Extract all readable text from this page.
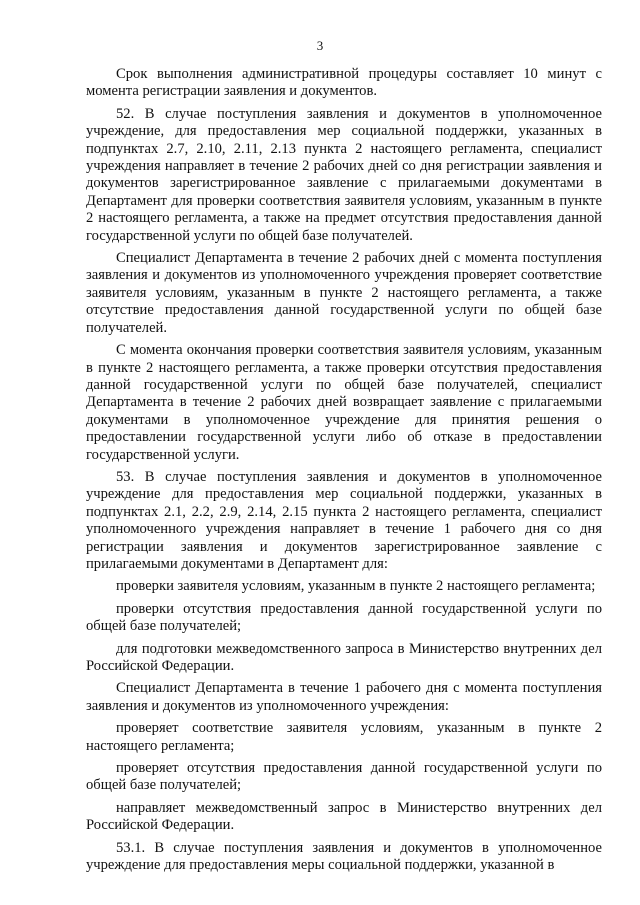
3

Срок выполнения административной процедуры составляет 10 минут с момента регистрации заявления и документов.

52. В случае поступления заявления и документов в уполномоченное учреждение, для предоставления мер социальной поддержки, указанных в подпунктах 2.7, 2.10, 2.11, 2.13 пункта 2 настоящего регламента, специалист учреждения направляет в течение 2 рабочих дней со дня регистрации заявления и документов зарегистрированное заявление с прилагаемыми документами в Департамент для проверки соответствия заявителя условиям, указанным в пункте 2 настоящего регламента, а также на предмет отсутствия предоставления данной государственной услуги по общей базе получателей.

Специалист Департамента в течение 2 рабочих дней с момента поступления заявления и документов из уполномоченного учреждения проверяет соответствие заявителя условиям, указанным в пункте 2 настоящего регламента, а также отсутствие предоставления данной государственной услуги по общей базе получателей.

С момента окончания проверки соответствия заявителя условиям, указанным в пункте 2 настоящего регламента, а также проверки отсутствия предоставления данной государственной услуги по общей базе получателей, специалист Департамента в течение 2 рабочих дней возвращает заявление с прилагаемыми документами в уполномоченное учреждение для принятия решения о предоставлении государственной услуги либо об отказе в предоставлении государственной услуги.

53. В случае поступления заявления и документов в уполномоченное учреждение для предоставления мер социальной поддержки, указанных в подпунктах 2.1, 2.2, 2.9, 2.14, 2.15 пункта 2 настоящего регламента, специалист уполномоченного учреждения направляет в течение 1 рабочего дня со дня регистрации заявления и документов зарегистрированное заявление с прилагаемыми документами в Департамент для:

проверки заявителя условиям, указанным в пункте 2 настоящего регламента;

проверки отсутствия предоставления данной государственной услуги по общей базе получателей;

для подготовки межведомственного запроса в Министерство внутренних дел Российской Федерации.

Специалист Департамента в течение 1 рабочего дня с момента поступления заявления и документов из уполномоченного учреждения:

проверяет соответствие заявителя условиям, указанным в пункте 2 настоящего регламента;

проверяет отсутствия предоставления данной государственной услуги по общей базе получателей;

направляет межведомственный запрос в Министерство внутренних дел Российской Федерации.

53.1. В случае поступления заявления и документов в уполномоченное учреждение для предоставления меры социальной поддержки, указанной в
